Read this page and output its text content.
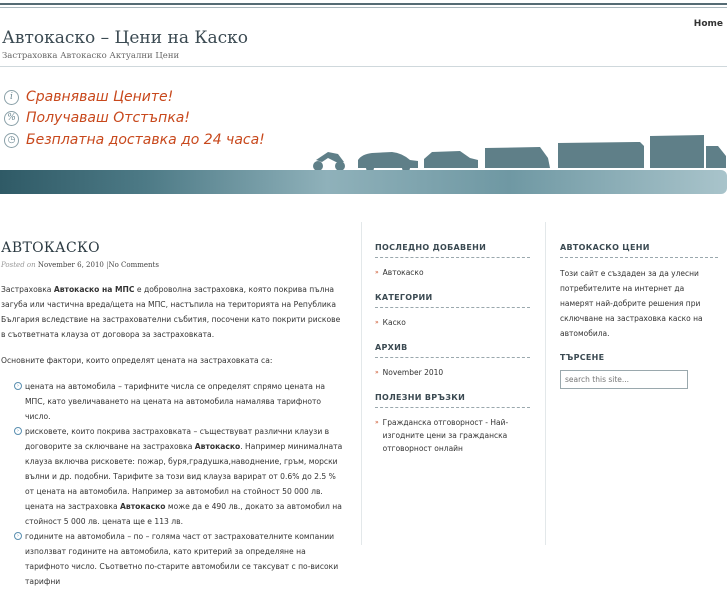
Home
Автокаско – Цени на Каско
Застраховка Автокаско Актуални Цени
i Сравняваш Цените!
% Получаваш Отстъпка!
◷ Безплатна доставка до 24 часа!
АВТОКАСКО
Posted on November 6, 2010 |No Comments

Застраховка Автокаско на МПС е доброволна застраховка, която покрива пълна загуба или частична вреда/щета на МПС, настъпила на територията на Република България вследствие на застрахователни събития, посочени като покрити рискове в съответната клауза от договора за застраховката.

Основните фактори, които определят цената на застраховката са:

› цената на автомобила – тарифните числа се определят спрямо цената на МПС, като увеличаването на цената на автомобила намалява тарифното число.
› рисковете, които покрива застраховката – съществуват различни клаузи в договорите за сключване на застраховка Автокаско. Например минималната клауза включва рисковете: пожар, буря,градушка,наводнение, гръм, морски вълни и др. подобни. Тарифите за този вид клауза варират от 0.6% до 2.5 % от цената на автомобила. Например за автомобил на стойност 50 000 лв. цената на застраховка Автокаско може да е 490 лв., докато за автомобил на стойност 5 000 лв. цената ще е 113 лв.
› годините на автомобила – по – голяма част от застрахователните компании използват годините на автомобила, като критерий за определяне на тарифното число. Съответно по-старите автомобили се таксуват с по-високи тарифни
ПОСЛЕДНО ДОБАВЕНИ
» Автокаско
КАТЕГОРИИ
» Каско
АРХИВ
» November 2010
ПОЛЕЗНИ ВРЪЗКИ
» Гражданска отговорност - Най-изгодните цени за гражданска отговорност онлайн
АВТОКАСКО ЦЕНИ
Този сайт е създаден за да улесни потребителите на интернет да намерят най-добрите решения при сключване на застраховка каско на автомобила.
ТЪРСЕНЕ
search this site...
